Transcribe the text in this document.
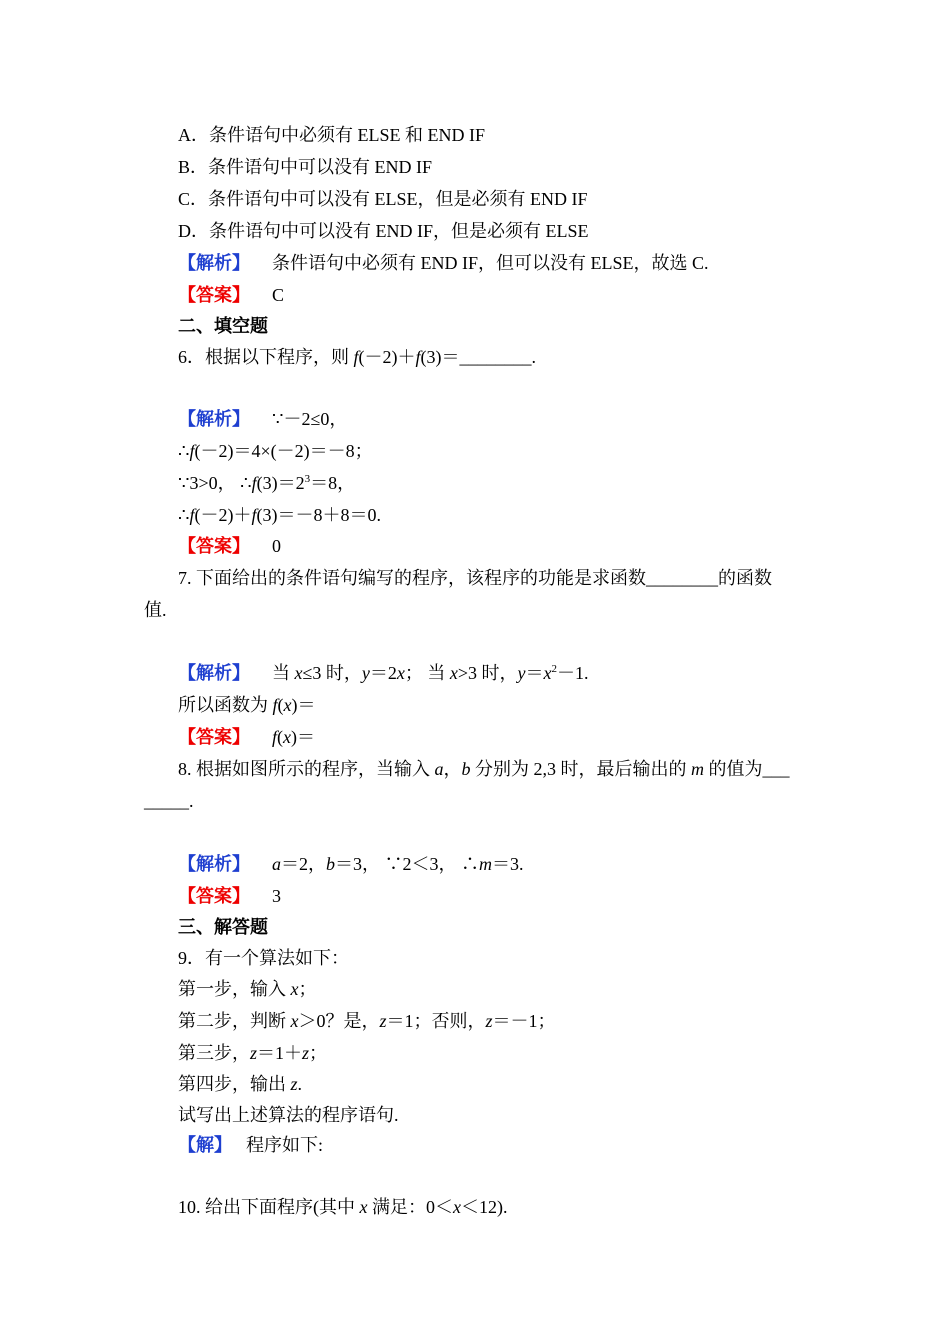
A．条件语句中必须有 ELSE 和 END IF
B．条件语句中可以没有 END IF
C．条件语句中可以没有 ELSE，但是必须有 END IF
D．条件语句中可以没有 END IF，但是必须有 ELSE
【解析】 条件语句中必须有 END IF，但可以没有 ELSE，故选 C.
【答案】 C
二、填空题
6．根据以下程序，则 f(－2)＋f(3)＝________.
【解析】 ∵－2≤0，
∴f(－2)＝4×(－2)＝－8；
∵3>0， $\therefore f(3)=2^3=8$，
∴f(－2)＋f(3)＝－8＋8＝0.
【答案】 0
7. 下面给出的条件语句编写的程序，该程序的功能是求函数________的函数
值.
【解析】 当 x≤3 时，y＝2x； 当 x>3 时，$y=x^2-1$.
所以函数为 f(x)＝
【答案】 f(x)＝
8. 根据如图所示的程序，当输入 a，b 分别为 2,3 时，最后输出的 m 的值为___
_____.
【解析】 a＝2，b＝3， ∵2＜3， ∴m＝3.
【答案】 3
三、解答题
9．有一个算法如下：
第一步，输入 x；
第二步，判断 x＞0？是，z＝1；否则，z＝－1；
第三步，z＝1＋z；
第四步，输出 z.
试写出上述算法的程序语句.
【解】 程序如下:
10. 给出下面程序(其中 x 满足：0＜x＜12).
